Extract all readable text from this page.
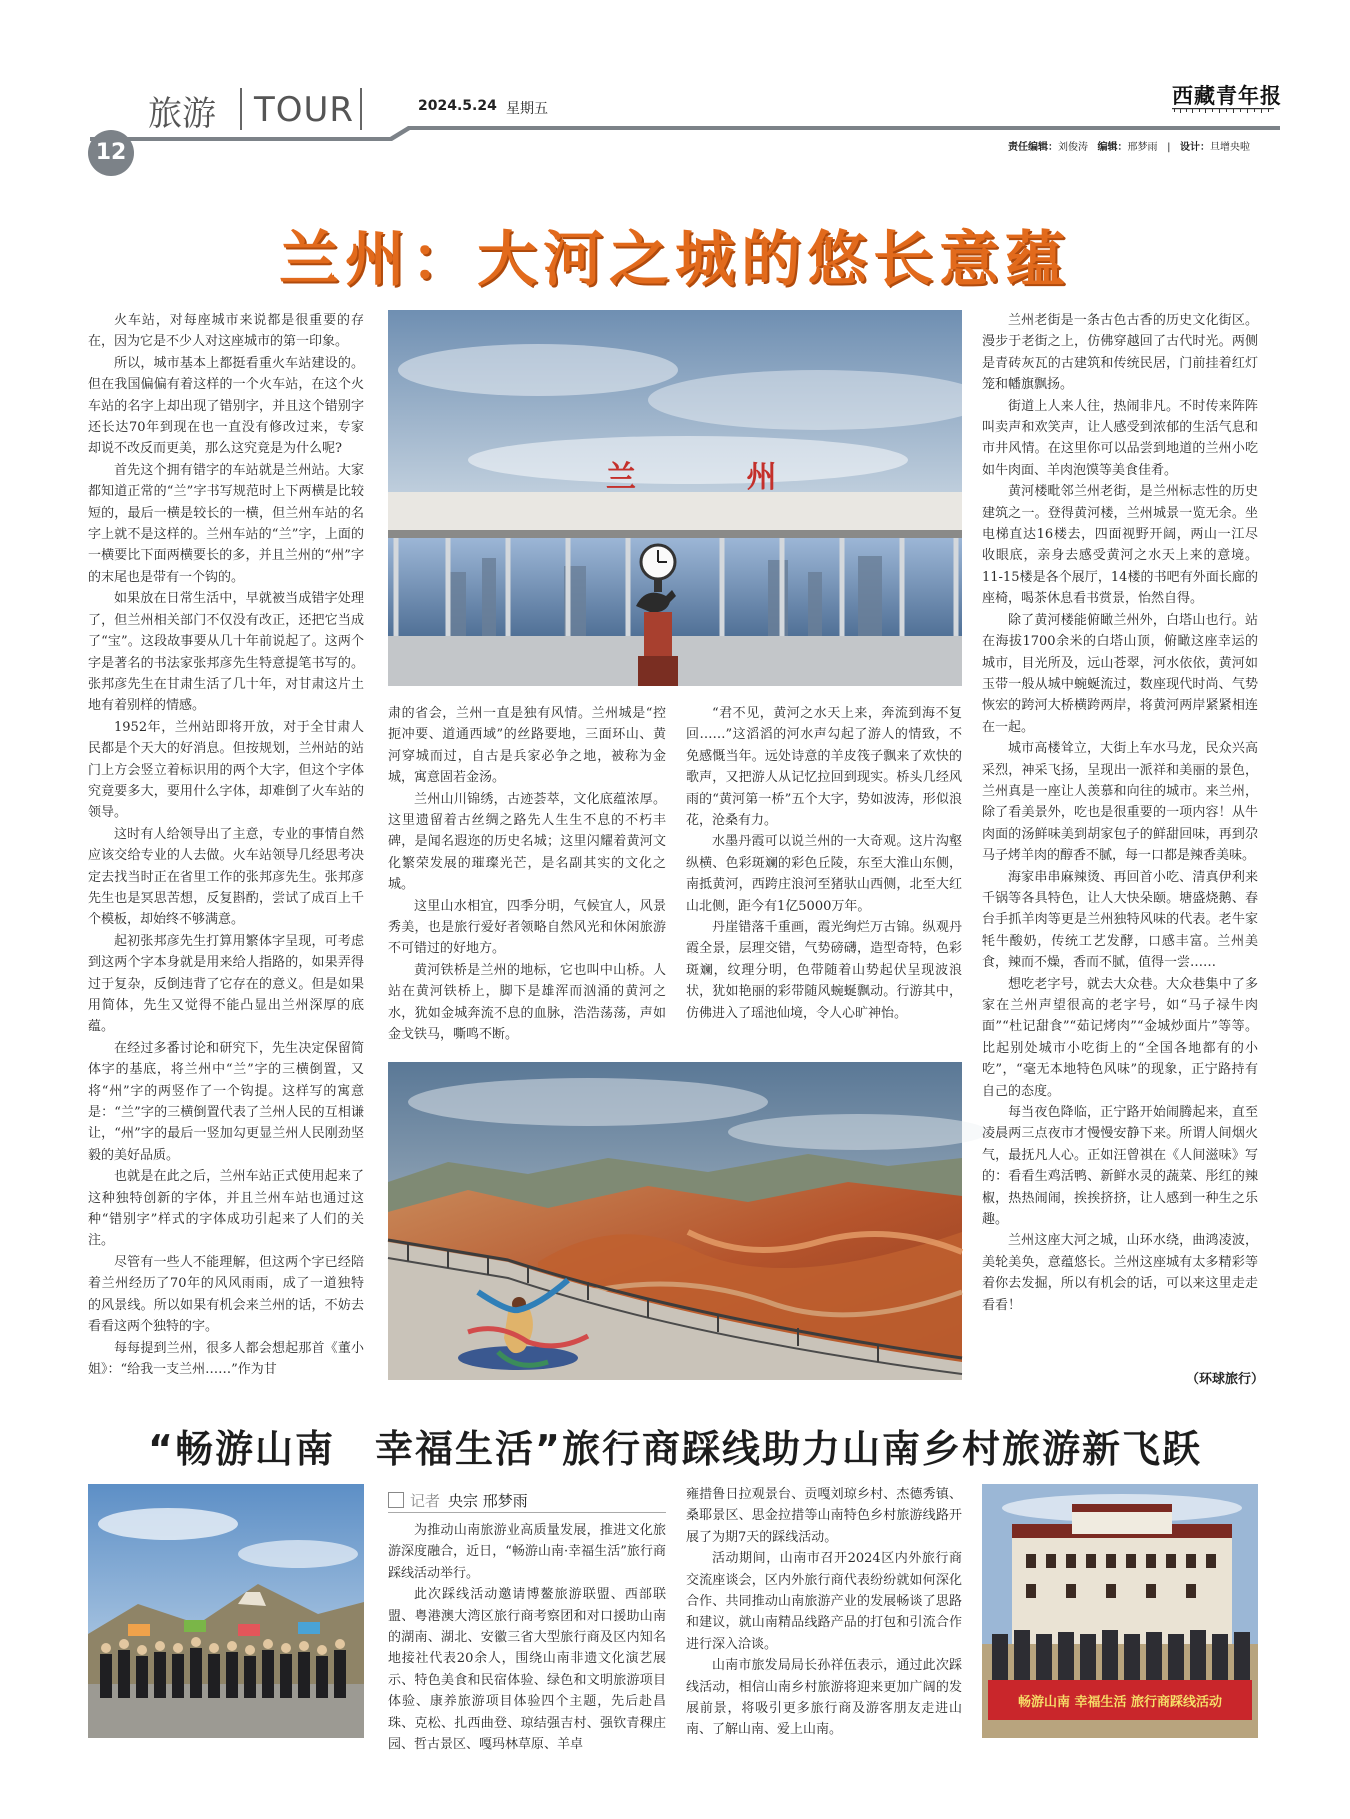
旅游 TOUR	2024.5.24 星期五
西藏青年报
12	责任编辑：刘俊涛 编辑：邢梦雨   |   设计：旦增央啦
兰州：大河之城的悠长意蕴

火车站，对每座城市来说都是很重要的存在，因为它是不少人对这座城市的第一印象。

所以，城市基本上都挺看重火车站建设的。但在我国偏偏有着这样的一个火车站，在这个火车站的名字上却出现了错别字，并且这个错别字还长达70年到现在也一直没有修改过来，专家却说不改反而更美，那么这究竟是为什么呢?

首先这个拥有错字的车站就是兰州站。大家都知道正常的“兰”字书写规范时上下两横是比较短的，最后一横是较长的一横，但兰州车站的名字上就不是这样的。兰州车站的“兰”字，上面的一横要比下面两横要长的多，并且兰州的“州”字的末尾也是带有一个钩的。

如果放在日常生活中，早就被当成错字处理了，但兰州相关部门不仅没有改正，还把它当成了“宝”。这段故事要从几十年前说起了。这两个字是著名的书法家张邦彦先生特意提笔书写的。张邦彦先生在甘肃生活了几十年，对甘肃这片土地有着别样的情感。

1952年，兰州站即将开放，对于全甘肃人民都是个天大的好消息。但按规划，兰州站的站门上方会竖立着标识用的两个大字，但这个字体究竟要多大，要用什么字体，却难倒了火车站的领导。

这时有人给领导出了主意，专业的事情自然应该交给专业的人去做。火车站领导几经思考决定去找当时正在省里工作的张邦彦先生。张邦彦先生也是冥思苦想，反复斟酌，尝试了成百上千个模板，却始终不够满意。

起初张邦彦先生打算用繁体字呈现，可考虑到这两个字本身就是用来给人指路的，如果弄得过于复杂，反倒违背了它存在的意义。但是如果用简体，先生又觉得不能凸显出兰州深厚的底蕴。

在经过多番讨论和研究下，先生决定保留简体字的基底，将兰州中“兰”字的三横倒置，又将“州”字的两竖作了一个钩提。这样写的寓意是：“兰”字的三横倒置代表了兰州人民的互相谦让，“州”字的最后一竖加勾更显兰州人民刚劲坚毅的美好品质。

也就是在此之后，兰州车站正式使用起来了这种独特创新的字体，并且兰州车站也通过这种“错别字”样式的字体成功引起来了人们的关注。

尽管有一些人不能理解，但这两个字已经陪着兰州经历了70年的风风雨雨，成了一道独特的风景线。所以如果有机会来兰州的话，不妨去看看这两个独特的字。

每每提到兰州，很多人都会想起那首《董小姐》：“给我一支兰州……”作为甘

兰 州

肃的省会，兰州一直是独有风情。兰州城是“控扼冲要、道通西域”的丝路要地，三面环山、黄河穿城而过，自古是兵家必争之地，被称为金城，寓意固若金汤。

兰州山川锦绣，古迹荟萃，文化底蕴浓厚。这里遗留着古丝绸之路先人生生不息的不朽丰碑，是闻名遐迩的历史名城；这里闪耀着黄河文化繁荣发展的璀璨光芒，是名副其实的文化之城。

这里山水相宜，四季分明，气候宜人，风景秀美，也是旅行爱好者领略自然风光和休闲旅游不可错过的好地方。

黄河铁桥是兰州的地标，它也叫中山桥。人站在黄河铁桥上，脚下是雄浑而汹涌的黄河之水，犹如金城奔流不息的血脉，浩浩荡荡，声如金戈铁马，嘶鸣不断。

“君不见，黄河之水天上来，奔流到海不复回……”这滔滔的河水声勾起了游人的情致，不免感慨当年。远处诗意的羊皮筏子飘来了欢快的歌声，又把游人从记忆拉回到现实。桥头几经风雨的“黄河第一桥”五个大字，势如波涛，形似浪花，沧桑有力。

水墨丹霞可以说兰州的一大奇观。这片沟壑纵横、色彩斑斓的彩色丘陵，东至大淮山东侧，南抵黄河，西跨庄浪河至猪驮山西侧，北至大红山北侧，距今有1亿5000万年。

丹崖错落千重画，霞光绚烂万古锦。纵观丹霞全景，层理交错，气势磅礴，造型奇特，色彩斑斓，纹理分明，色带随着山势起伏呈现波浪状，犹如艳丽的彩带随风蜿蜒飘动。行游其中，仿佛进入了瑶池仙境，令人心旷神怡。

兰州老街是一条古色古香的历史文化街区。漫步于老街之上，仿佛穿越回了古代时光。两侧是青砖灰瓦的古建筑和传统民居，门前挂着红灯笼和幡旗飘扬。

街道上人来人往，热闹非凡。不时传来阵阵叫卖声和欢笑声，让人感受到浓郁的生活气息和市井风情。在这里你可以品尝到地道的兰州小吃如牛肉面、羊肉泡馍等美食佳肴。

黄河楼毗邻兰州老街，是兰州标志性的历史建筑之一。登得黄河楼，兰州城景一览无余。坐电梯直达16楼去，四面视野开阔，两山一江尽收眼底，亲身去感受黄河之水天上来的意境。11-15楼是各个展厅，14楼的书吧有外面长廊的座椅，喝茶休息看书赏景，怡然自得。

除了黄河楼能俯瞰兰州外，白塔山也行。站在海拔1700余米的白塔山顶，俯瞰这座幸运的城市，目光所及，远山苍翠，河水依依，黄河如玉带一般从城中蜿蜒流过，数座现代时尚、气势恢宏的跨河大桥横跨两岸，将黄河两岸紧紧相连在一起。

城市高楼耸立，大街上车水马龙，民众兴高采烈，神采飞扬，呈现出一派祥和美丽的景色，兰州真是一座让人羡慕和向往的城市。来兰州，除了看美景外，吃也是很重要的一项内容！从牛肉面的汤鲜味美到胡家包子的鲜甜回味，再到尕马子烤羊肉的醇香不腻，每一口都是辣香美味。

海家串串麻辣烫、再回首小吃、清真伊利来千锅等各具特色，让人大快朵颐。塘盛烧鹅、春台手抓羊肉等更是兰州独特风味的代表。老牛家牦牛酸奶，传统工艺发酵，口感丰富。兰州美食，辣而不燥，香而不腻，值得一尝……

想吃老字号，就去大众巷。大众巷集中了多家在兰州声望很高的老字号，如“马子禄牛肉面”“杜记甜食”“茹记烤肉”“金城炒面片”等等。比起别处城市小吃街上的“全国各地都有的小吃”，“毫无本地特色风味”的现象，正宁路持有自己的态度。

每当夜色降临，正宁路开始闹腾起来，直至凌晨两三点夜市才慢慢安静下来。所谓人间烟火气，最抚凡人心。正如汪曾祺在《人间滋味》写的：看看生鸡活鸭、新鲜水灵的蔬菜、彤红的辣椒，热热闹闹，挨挨挤挤，让人感到一种生之乐趣。

兰州这座大河之城，山环水绕，曲鸿凌波，美轮美奂，意蕴悠长。兰州这座城有太多精彩等着你去发掘，所以有机会的话，可以来这里走走看看！

（环球旅行）
“畅游山南　幸福生活”旅行商踩线助力山南乡村旅游新飞跃
记者 央宗 邢梦雨

为推动山南旅游业高质量发展，推进文化旅游深度融合，近日，“畅游山南·幸福生活”旅行商踩线活动举行。

此次踩线活动邀请博鳌旅游联盟、西部联盟、粤港澳大湾区旅行商考察团和对口援助山南的湖南、湖北、安徽三省大型旅行商及区内知名地接社代表20余人，围绕山南非遗文化演艺展示、特色美食和民宿体验、绿色和文明旅游项目体验、康养旅游项目体验四个主题，先后赴昌珠、克松、扎西曲登、琼结强吉村、强钦青稞庄园、哲古景区、嘎玛林草原、羊卓

雍措鲁日拉观景台、贡嘎刘琼乡村、杰德秀镇、桑耶景区、思金拉措等山南特色乡村旅游线路开展了为期7天的踩线活动。

活动期间，山南市召开2024区内外旅行商交流座谈会，区内外旅行商代表纷纷就如何深化合作、共同推动山南旅游产业的发展畅谈了思路和建议，就山南精品线路产品的打包和引流合作进行深入洽谈。

山南市旅发局局长孙祥伍表示，通过此次踩线活动，相信山南乡村旅游将迎来更加广阔的发展前景，将吸引更多旅行商及游客朋友走进山南、了解山南、爱上山南。

畅游山南 幸福生活 旅行商踩线活动
